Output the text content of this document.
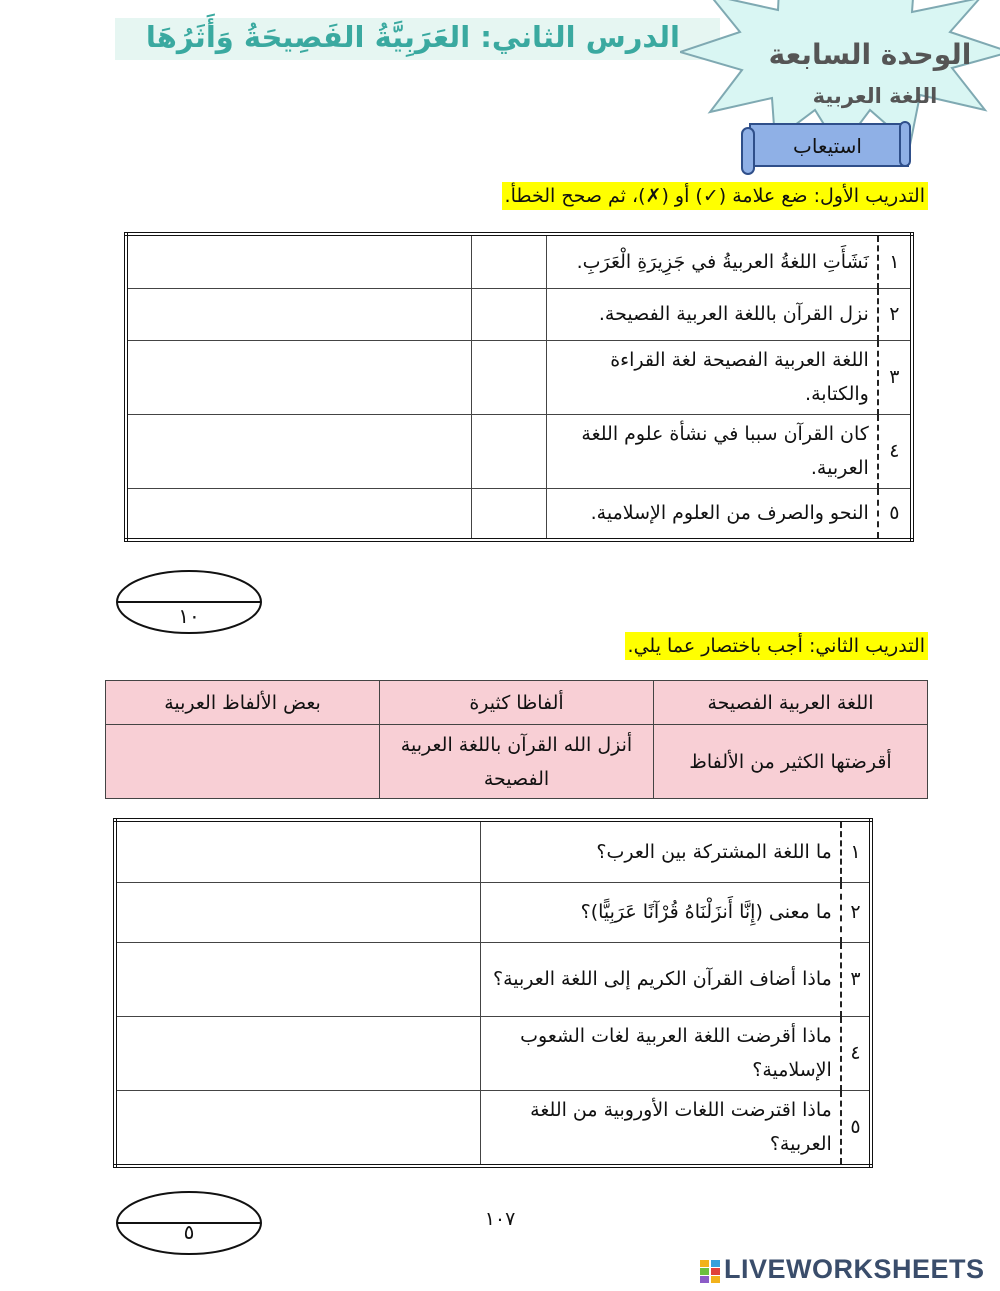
الدرس الثاني: العَرَبِيَّةُ الفَصِيحَةُ وَأَثَرُهَا
الوحدة السابعة
اللغة العربية
استيعاب
التدريب الأول: ضع علامة (✓) أو (✗)، ثم صحح الخطأ.
١	نَشَأَتِ اللغةُ العربيةُ في جَزِيرَةِ الْعَرَبِ.		
٢	نزل القرآن باللغة العربية الفصيحة.		
٣	اللغة العربية الفصيحة لغة القراءة والكتابة.		
٤	كان القرآن سببا في نشأة علوم اللغة العربية.		
٥	النحو والصرف من العلوم الإسلامية.		
١٠
التدريب الثاني: أجب باختصار عما يلي.
اللغة العربية الفصيحة	ألفاظا كثيرة	بعض الألفاظ العربية
أقرضتها الكثير من الألفاظ	أنزل الله القرآن باللغة العربية الفصيحة	
١	ما اللغة المشتركة بين العرب؟	
٢	ما معنى (إِنَّا أَنزَلْنَاهُ قُرْآنًا عَرَبِيًّا)؟	
٣	ماذا أضاف القرآن الكريم إلى اللغة العربية؟	
٤	ماذا أقرضت اللغة العربية لغات الشعوب الإسلامية؟	
٥	ماذا اقترضت اللغات الأوروبية من اللغة العربية؟	
٥
١٠٧
LIVEWORKSHEETS
